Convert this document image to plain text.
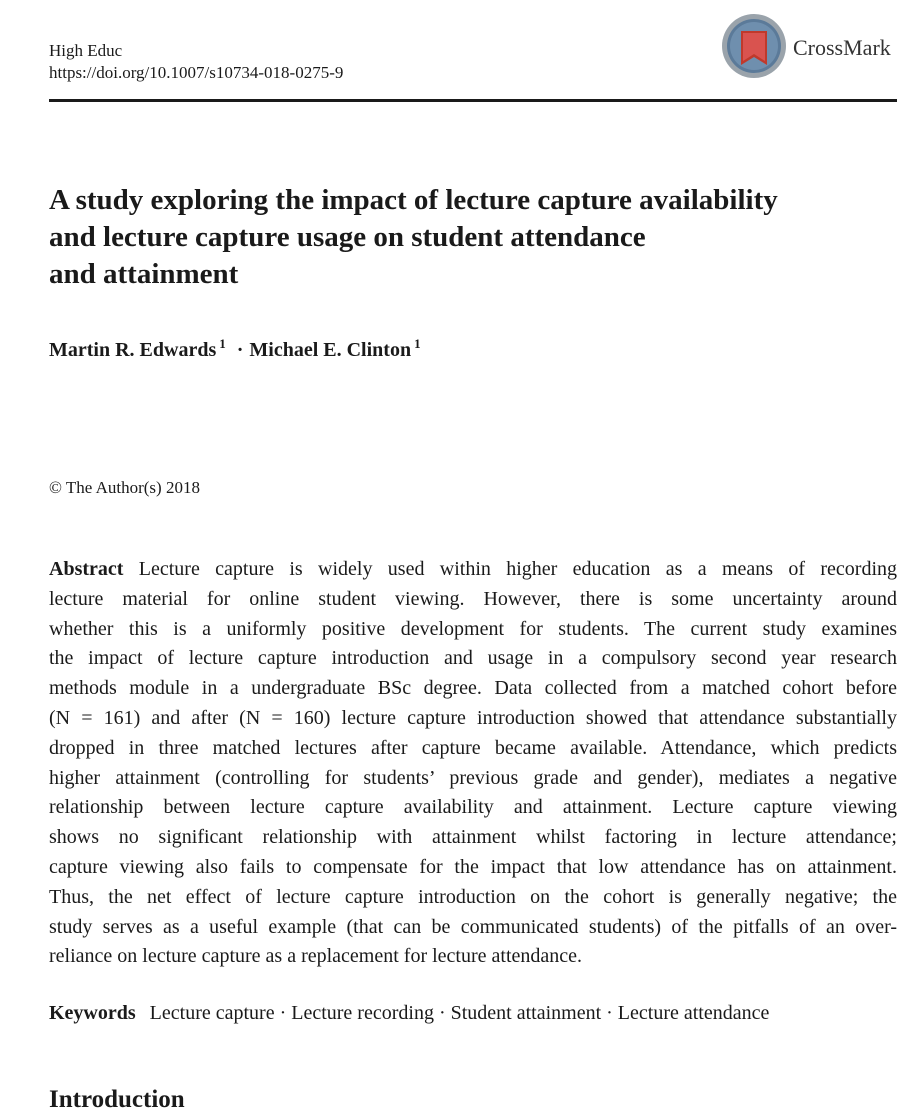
High Educ
https://doi.org/10.1007/s10734-018-0275-9
CrossMark
A study exploring the impact of lecture capture availability
and lecture capture usage on student attendance
and attainment
Martin R. Edwards $^1$ · Michael E. Clinton $^1$
© The Author(s) 2018
Abstract Lecture capture is widely used within higher education as a means of recording
lecture material for online student viewing. However, there is some uncertainty around
whether this is a uniformly positive development for students. The current study examines
the impact of lecture capture introduction and usage in a compulsory second year research
methods module in a undergraduate BSc degree. Data collected from a matched cohort before
(N = 161) and after (N = 160) lecture capture introduction showed that attendance substantially
dropped in three matched lectures after capture became available. Attendance, which predicts
higher attainment (controlling for students’ previous grade and gender), mediates a negative
relationship between lecture capture availability and attainment. Lecture capture viewing
shows no significant relationship with attainment whilst factoring in lecture attendance;
capture viewing also fails to compensate for the impact that low attendance has on attainment.
Thus, the net effect of lecture capture introduction on the cohort is generally negative; the
study serves as a useful example (that can be communicated students) of the pitfalls of an over-
reliance on lecture capture as a replacement for lecture attendance.
Keywords Lecture capture · Lecture recording · Student attainment · Lecture attendance
Introduction
